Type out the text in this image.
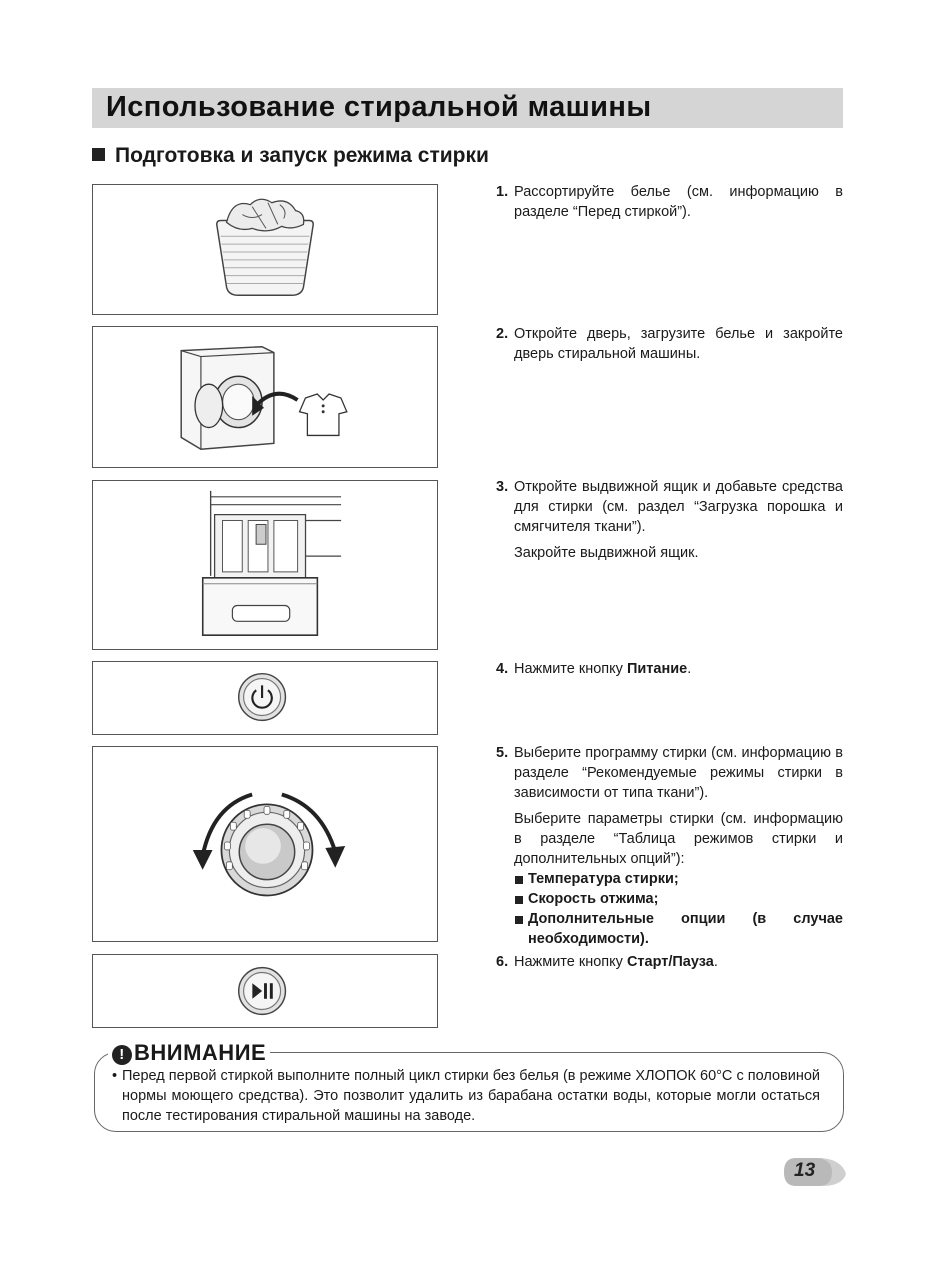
Использование стиральной машины
Подготовка и запуск режима стирки
1. Рассортируйте белье (см. информацию в разделе “Перед стиркой”).

2. Откройте дверь, загрузите белье и закройте дверь стиральной машины.

3. Откройте выдвижной ящик и добавьте средства для стирки (см. раздел “Загрузка порошка и смягчителя ткани”).

Закройте выдвижной ящик.

4. Нажмите кнопку Питание.

5. Выберите программу стирки (см. информацию в разделе “Рекомендуемые режимы стирки в зависимости от типа ткани”).

Выберите параметры стирки (см. информацию в разделе “Таблица режимов стирки и дополнительных опций”):

Температура стирки;
Скорость отжима;
Дополнительные опции (в случае необходимости).
6. Нажмите кнопку Старт/Пауза.

! ВНИМАНИЕ
• Перед первой стиркой выполните полный цикл стирки без белья (в режиме ХЛОПОК 60°C с половиной нормы моющего средства). Это позволит удалить из барабана остатки воды, которые могли остаться после тестирования стиральной машины на заводе.
13
